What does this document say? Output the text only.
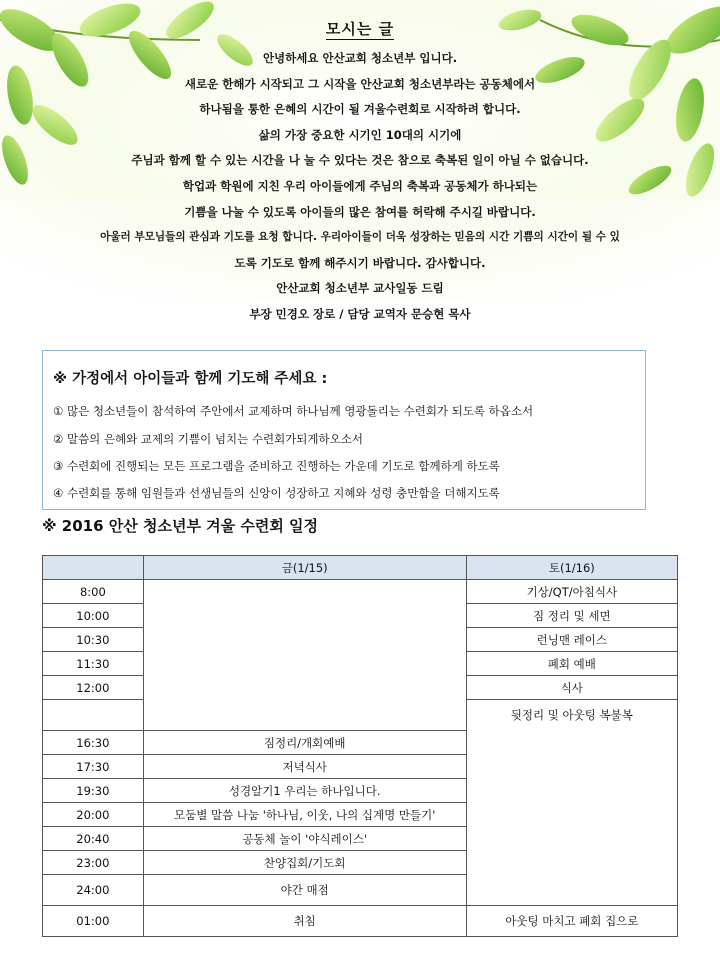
모시는 글
안녕하세요 안산교회 청소년부 입니다.
새로운 한해가 시작되고 그 시작을 안산교회 청소년부라는 공동체에서
하나됨을 통한 은혜의 시간이 될 겨울수련회로 시작하려 합니다.
삶의 가장 중요한 시기인 10대의 시기에
주님과 함께 할 수 있는 시간을 나 눌 수 있다는 것은 참으로 축복된 일이 아닐 수 없습니다.
학업과 학원에 지친 우리 아이들에게 주님의 축복과 공동체가 하나되는
기쁨을 나눌 수 있도록 아이들의 많은 참여를 허락해 주시길 바랍니다.
아울러 부모님들의 관심과 기도를 요청 합니다. 우리아이들이 더욱 성장하는 믿음의 시간 기쁨의 시간이 될 수 있
도록 기도로 함께 해주시기 바랍니다. 감사합니다.
안산교회 청소년부 교사일동 드림
부장 민경오 장로 / 담당 교역자 문승현 목사
※ 가정에서 아이들과 함께 기도해 주세요 :
① 많은 청소년들이 참석하여 주안에서 교제하며 하나님께 영광돌리는 수련회가 되도록 하옵소서
② 말씀의 은혜와 교제의 기쁨이 넘치는 수련회가되게하오소서
③ 수련회에 진행되는 모든 프로그램을 준비하고 진행하는 가운데 기도로 함께하게 하도록
④ 수련회를 통해 임원들과 선생님들의 신앙이 성장하고 지혜와 성령 충만함을 더해지도록
※ 2016 안산 청소년부 겨울 수련회 일정
	금(1/15)	토(1/16)
8:00		기상/QT/아침식사
10:00		짐 정리 및 세면
10:30		런닝맨 레이스
11:30		폐회 예배
12:00		식사
		뒷정리 및 아웃팅 복불복
16:30	짐정리/개회예배	
17:30	저녁식사	
19:30	성경알기1 우리는 하나입니다.	
20:00	모둠별 말씀 나눔 '하나님, 이웃, 나의 십계명 만들기'	
20:40	공동체 놀이 '야식레이스'	
23:00	찬양집회/기도회	
24:00	야간 매점	
01:00	취침	아웃팅 마치고 폐회 집으로
